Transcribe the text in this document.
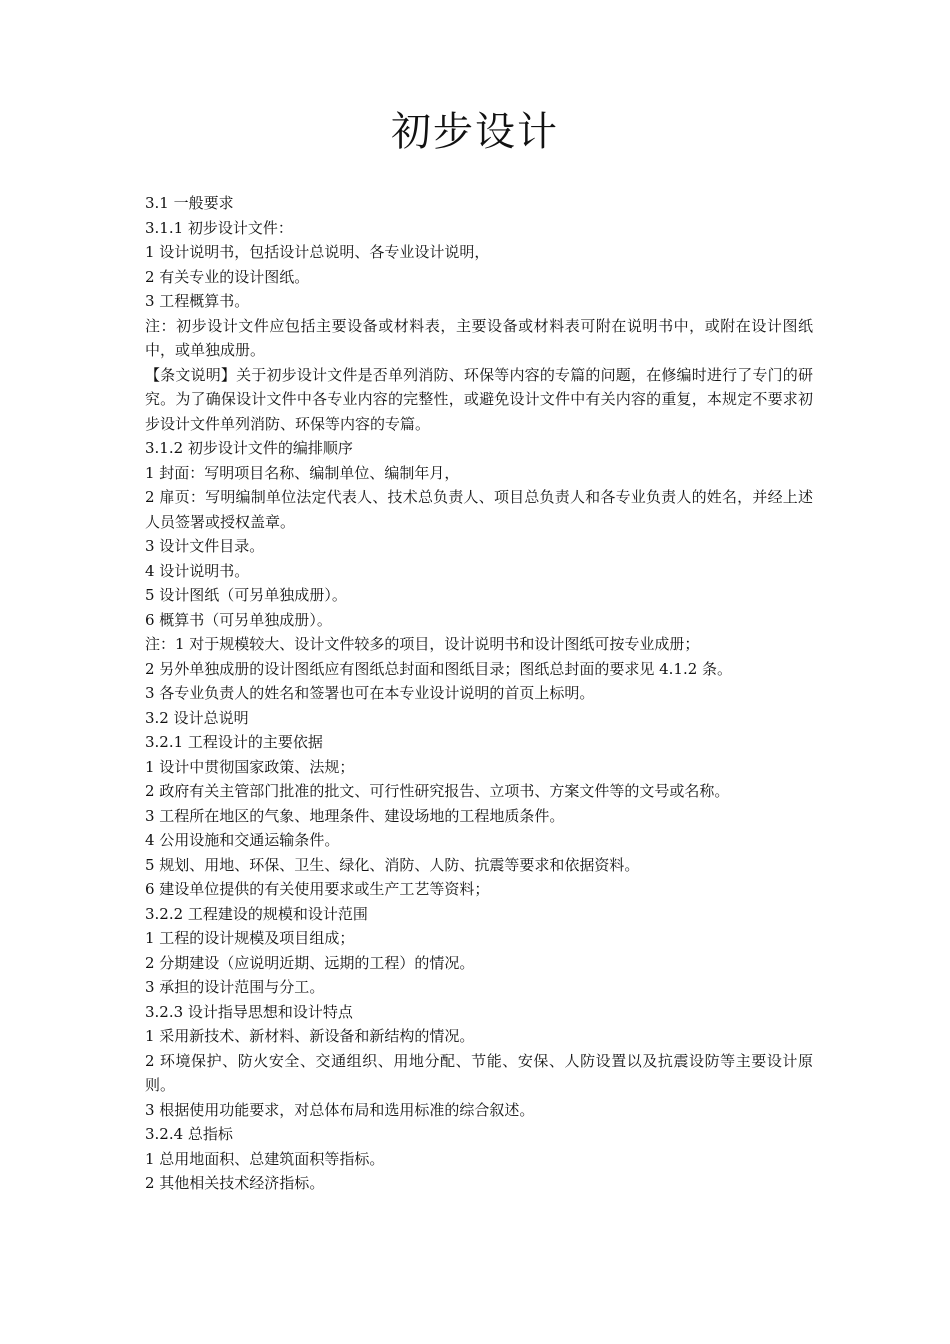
初步设计

3.1 一般要求

3.1.1 初步设计文件：

1 设计说明书，包括设计总说明、各专业设计说明，

2 有关专业的设计图纸。

3 工程概算书。

注：初步设计文件应包括主要设备或材料表，主要设备或材料表可附在说明书中，或附在设计图纸中，或单独成册。

【条文说明】关于初步设计文件是否单列消防、环保等内容的专篇的问题，在修编时进行了专门的研究。为了确保设计文件中各专业内容的完整性，或避免设计文件中有关内容的重复，本规定不要求初步设计文件单列消防、环保等内容的专篇。

3.1.2 初步设计文件的编排顺序

1 封面：写明项目名称、编制单位、编制年月，

2 扉页：写明编制单位法定代表人、技术总负责人、项目总负责人和各专业负责人的姓名，并经上述人员签署或授权盖章。

3 设计文件目录。

4 设计说明书。

5 设计图纸（可另单独成册）。

6 概算书（可另单独成册）。

注：1 对于规模较大、设计文件较多的项目，设计说明书和设计图纸可按专业成册；

2 另外单独成册的设计图纸应有图纸总封面和图纸目录；图纸总封面的要求见 4.1.2 条。

3 各专业负责人的姓名和签署也可在本专业设计说明的首页上标明。

3.2 设计总说明

3.2.1 工程设计的主要依据

1 设计中贯彻国家政策、法规；

2 政府有关主管部门批准的批文、可行性研究报告、立项书、方案文件等的文号或名称。

3 工程所在地区的气象、地理条件、建设场地的工程地质条件。

4 公用设施和交通运输条件。

5 规划、用地、环保、卫生、绿化、消防、人防、抗震等要求和依据资料。

6 建设单位提供的有关使用要求或生产工艺等资料；

3.2.2 工程建设的规模和设计范围

1 工程的设计规模及项目组成；

2 分期建设（应说明近期、远期的工程）的情况。

3 承担的设计范围与分工。

3.2.3 设计指导思想和设计特点

1 采用新技术、新材料、新设备和新结构的情况。

2 环境保护、防火安全、交通组织、用地分配、节能、安保、人防设置以及抗震设防等主要设计原则。

3 根据使用功能要求，对总体布局和选用标准的综合叙述。

3.2.4 总指标

1 总用地面积、总建筑面积等指标。

2 其他相关技术经济指标。
